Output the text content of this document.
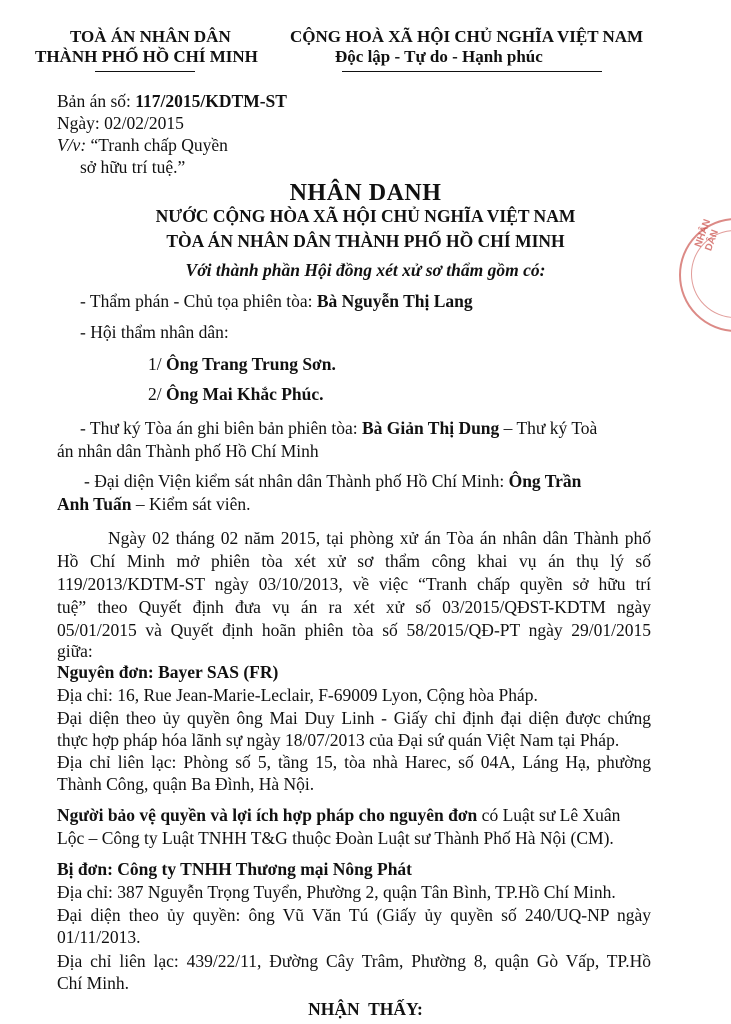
TOÀ ÁN NHÂN DÂN
THÀNH PHỐ HỒ CHÍ MINH
CỘNG HOÀ XÃ HỘI CHỦ NGHĨA VIỆT NAM
Độc lập - Tự do - Hạnh phúc
Bản án số: 117/2015/KDTM-ST
Ngày: 02/02/2015
V/v: “Tranh chấp Quyền
sở hữu trí tuệ.”
NHÂN DANH
NƯỚC CỘNG HÒA XÃ HỘI CHỦ NGHĨA VIỆT NAM
TÒA ÁN NHÂN DÂN THÀNH PHỐ HỒ CHÍ MINH
Với thành phần Hội đồng xét xử sơ thẩm gồm có:
NHÂN DÂN
- Thẩm phán - Chủ tọa phiên tòa: Bà Nguyễn Thị Lang
- Hội thẩm nhân dân:
1/ Ông Trang Trung Sơn.
2/ Ông Mai Khắc Phúc.
- Thư ký Tòa án ghi biên bản phiên tòa: Bà Giản Thị Dung – Thư ký Toà
án nhân dân Thành phố Hồ Chí Minh
- Đại diện Viện kiểm sát nhân dân Thành phố Hồ Chí Minh: Ông Trần
Anh Tuấn – Kiểm sát viên.
Ngày 02 tháng 02 năm 2015, tại phòng xử án Tòa án nhân dân Thành phố
Hồ Chí Minh mở phiên tòa xét xử sơ thẩm công khai vụ án thụ lý số
119/2013/KDTM-ST ngày 03/10/2013, về việc “Tranh chấp quyền sở hữu trí
tuệ” theo Quyết định đưa vụ án ra xét xử số 03/2015/QĐST-KDTM ngày
05/01/2015 và Quyết định hoãn phiên tòa số 58/2015/QĐ-PT ngày 29/01/2015
giữa:
Nguyên đơn: Bayer SAS (FR)
Địa chỉ: 16, Rue Jean-Marie-Leclair, F-69009 Lyon, Cộng hòa Pháp.
Đại diện theo ủy quyền ông Mai Duy Linh - Giấy chỉ định đại diện được chứng
thực hợp pháp hóa lãnh sự ngày 18/07/2013 của Đại sứ quán Việt Nam tại Pháp.
Địa chỉ liên lạc: Phòng số 5, tầng 15, tòa nhà Harec, số 04A, Láng Hạ, phường
Thành Công, quận Ba Đình, Hà Nội.
Người bảo vệ quyền và lợi ích hợp pháp cho nguyên đơn có Luật sư Lê Xuân
Lộc – Công ty Luật TNHH T&G thuộc Đoàn Luật sư Thành Phố Hà Nội (CM).
Bị đơn: Công ty TNHH Thương mại Nông Phát
Địa chỉ: 387 Nguyễn Trọng Tuyển, Phường 2, quận Tân Bình, TP.Hồ Chí Minh.
Đại diện theo ủy quyền: ông Vũ Văn Tú (Giấy ủy quyền số 240/UQ-NP ngày
01/11/2013.
Địa chỉ liên lạc: 439/22/11, Đường Cây Trâm, Phường 8, quận Gò Vấp, TP.Hồ
Chí Minh.
NHẬN  THẤY:
